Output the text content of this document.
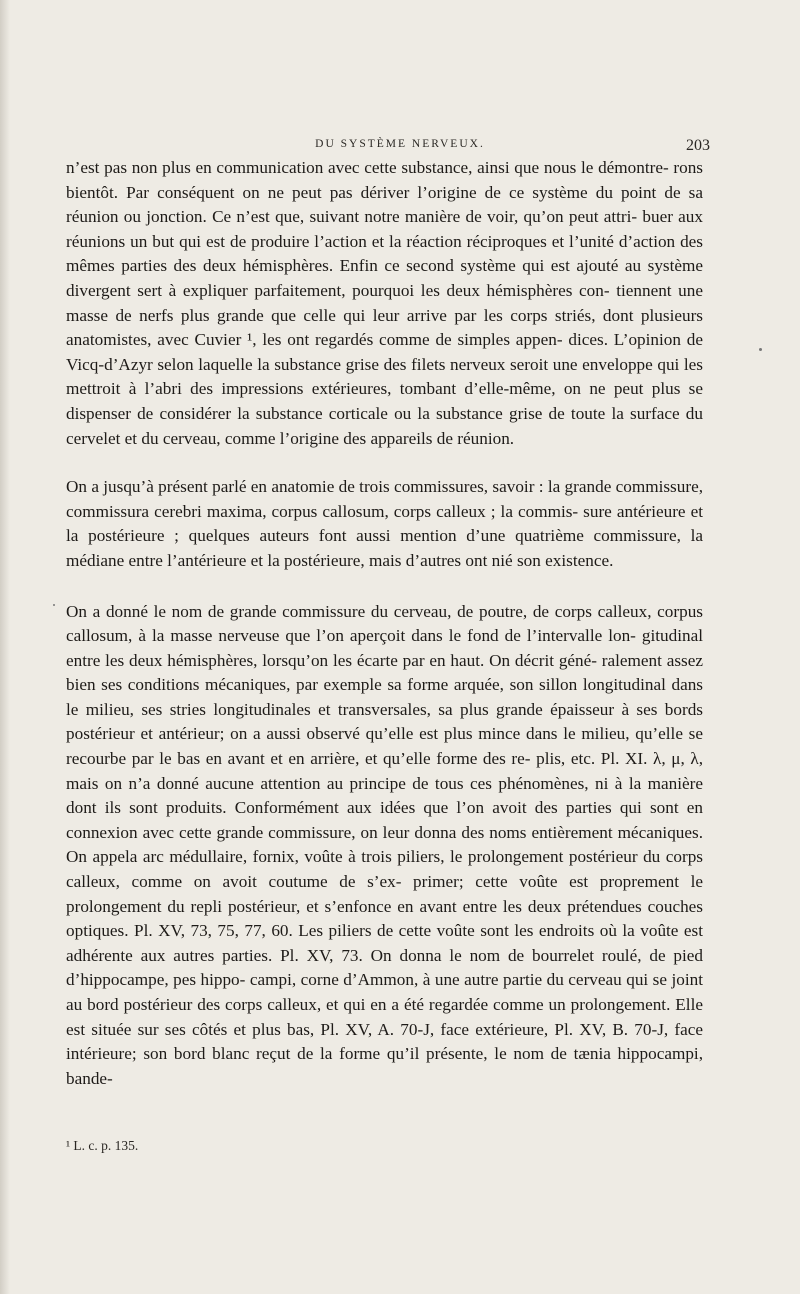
DU SYSTÈME NERVEUX.	203

n’est pas non plus en communication avec cette substance, ainsi que nous le démontre- rons bientôt. Par conséquent on ne peut pas dériver l’origine de ce système du point de sa réunion ou jonction. Ce n’est que, suivant notre manière de voir, qu’on peut attri- buer aux réunions un but qui est de produire l’action et la réaction réciproques et l’unité d’action des mêmes parties des deux hémisphères. Enfin ce second système qui est ajouté au système divergent sert à expliquer parfaitement, pourquoi les deux hémisphères con- tiennent une masse de nerfs plus grande que celle qui leur arrive par les corps striés, dont plusieurs anatomistes, avec Cuvier ¹, les ont regardés comme de simples appen- dices. L’opinion de Vicq-d’Azyr selon laquelle la substance grise des filets nerveux seroit une enveloppe qui les mettroit à l’abri des impressions extérieures, tombant d’elle-même, on ne peut plus se dispenser de considérer la substance corticale ou la substance grise de toute la surface du cervelet et du cerveau, comme l’origine des appareils de réunion.

On a jusqu’à présent parlé en anatomie de trois commissures, savoir : la grande commissure, commissura cerebri maxima, corpus callosum, corps calleux ; la commis- sure antérieure et la postérieure ; quelques auteurs font aussi mention d’une quatrième commissure, la médiane entre l’antérieure et la postérieure, mais d’autres ont nié son existence.

On a donné le nom de grande commissure du cerveau, de poutre, de corps calleux, corpus callosum, à la masse nerveuse que l’on aperçoit dans le fond de l’intervalle lon- gitudinal entre les deux hémisphères, lorsqu’on les écarte par en haut. On décrit géné- ralement assez bien ses conditions mécaniques, par exemple sa forme arquée, son sillon longitudinal dans le milieu, ses stries longitudinales et transversales, sa plus grande épaisseur à ses bords postérieur et antérieur; on a aussi observé qu’elle est plus mince dans le milieu, qu’elle se recourbe par le bas en avant et en arrière, et qu’elle forme des re- plis, etc. Pl. XI. λ, μ, λ, mais on n’a donné aucune attention au principe de tous ces phénomènes, ni à la manière dont ils sont produits. Conformément aux idées que l’on avoit des parties qui sont en connexion avec cette grande commissure, on leur donna des noms entièrement mécaniques. On appela arc médullaire, fornix, voûte à trois piliers, le prolongement postérieur du corps calleux, comme on avoit coutume de s’ex- primer; cette voûte est proprement le prolongement du repli postérieur, et s’enfonce en avant entre les deux prétendues couches optiques. Pl. XV, 73, 75, 77, 60. Les piliers de cette voûte sont les endroits où la voûte est adhérente aux autres parties. Pl. XV, 73. On donna le nom de bourrelet roulé, de pied d’hippocampe, pes hippo- campi, corne d’Ammon, à une autre partie du cerveau qui se joint au bord postérieur des corps calleux, et qui en a été regardée comme un prolongement. Elle est située sur ses côtés et plus bas, Pl. XV, A. 70-J, face extérieure, Pl. XV, B. 70-J, face intérieure; son bord blanc reçut de la forme qu’il présente, le nom de tænia hippocampi, bande-

¹ L. c. p. 135.
